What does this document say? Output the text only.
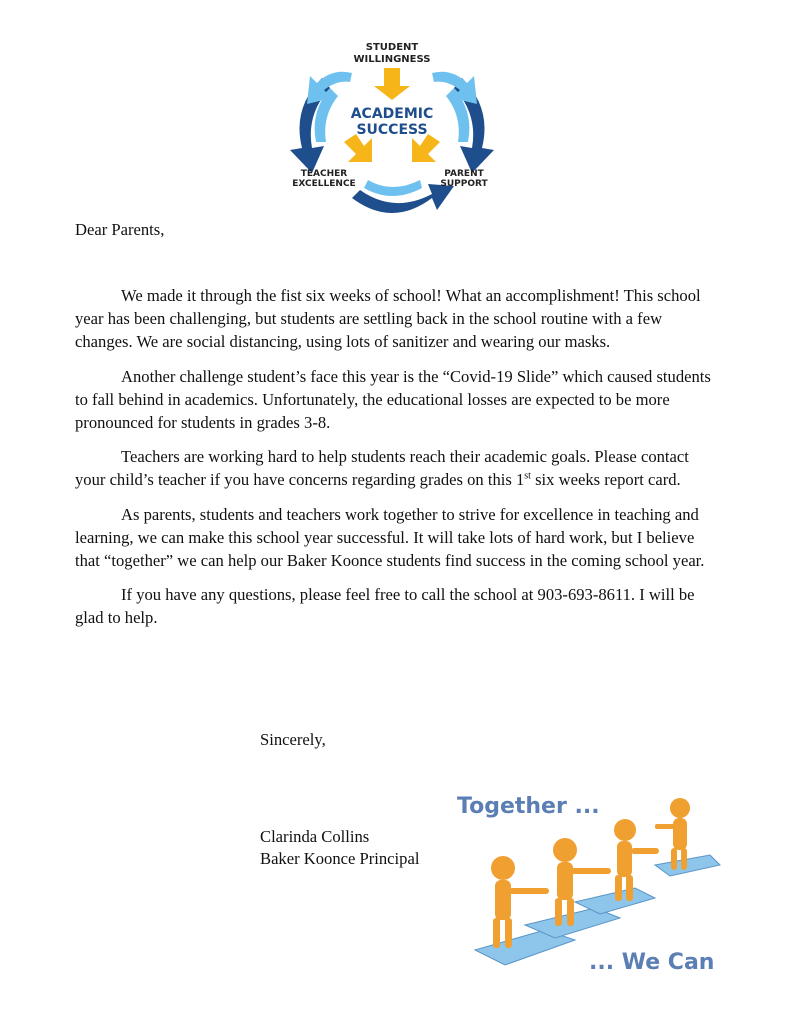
STUDENT
WILLINGNESS
ACADEMIC
SUCCESS
TEACHER
EXCELLENCE
PARENT
SUPPORT
Dear Parents,

We made it through the fist six weeks of school! What an accomplishment! This school year has been challenging, but students are settling back in the school routine with a few changes. We are social distancing, using lots of sanitizer and wearing our masks.

Another challenge student’s face this year is the “Covid-19 Slide” which caused students to fall behind in academics. Unfortunately, the educational losses are expected to be more pronounced for students in grades 3-8.

Teachers are working hard to help students reach their academic goals. Please contact your child’s teacher if you have concerns regarding grades on this 1st six weeks report card.

As parents, students and teachers work together to strive for excellence in teaching and learning, we can make this school year successful. It will take lots of hard work, but I believe that “together” we can help our Baker Koonce students find success in the coming school year.

If you have any questions, please feel free to call the school at 903-693-8611. I will be glad to help.

Sincerely,
Clarinda Collins
Baker Koonce Principal
Together ...
... We Can
